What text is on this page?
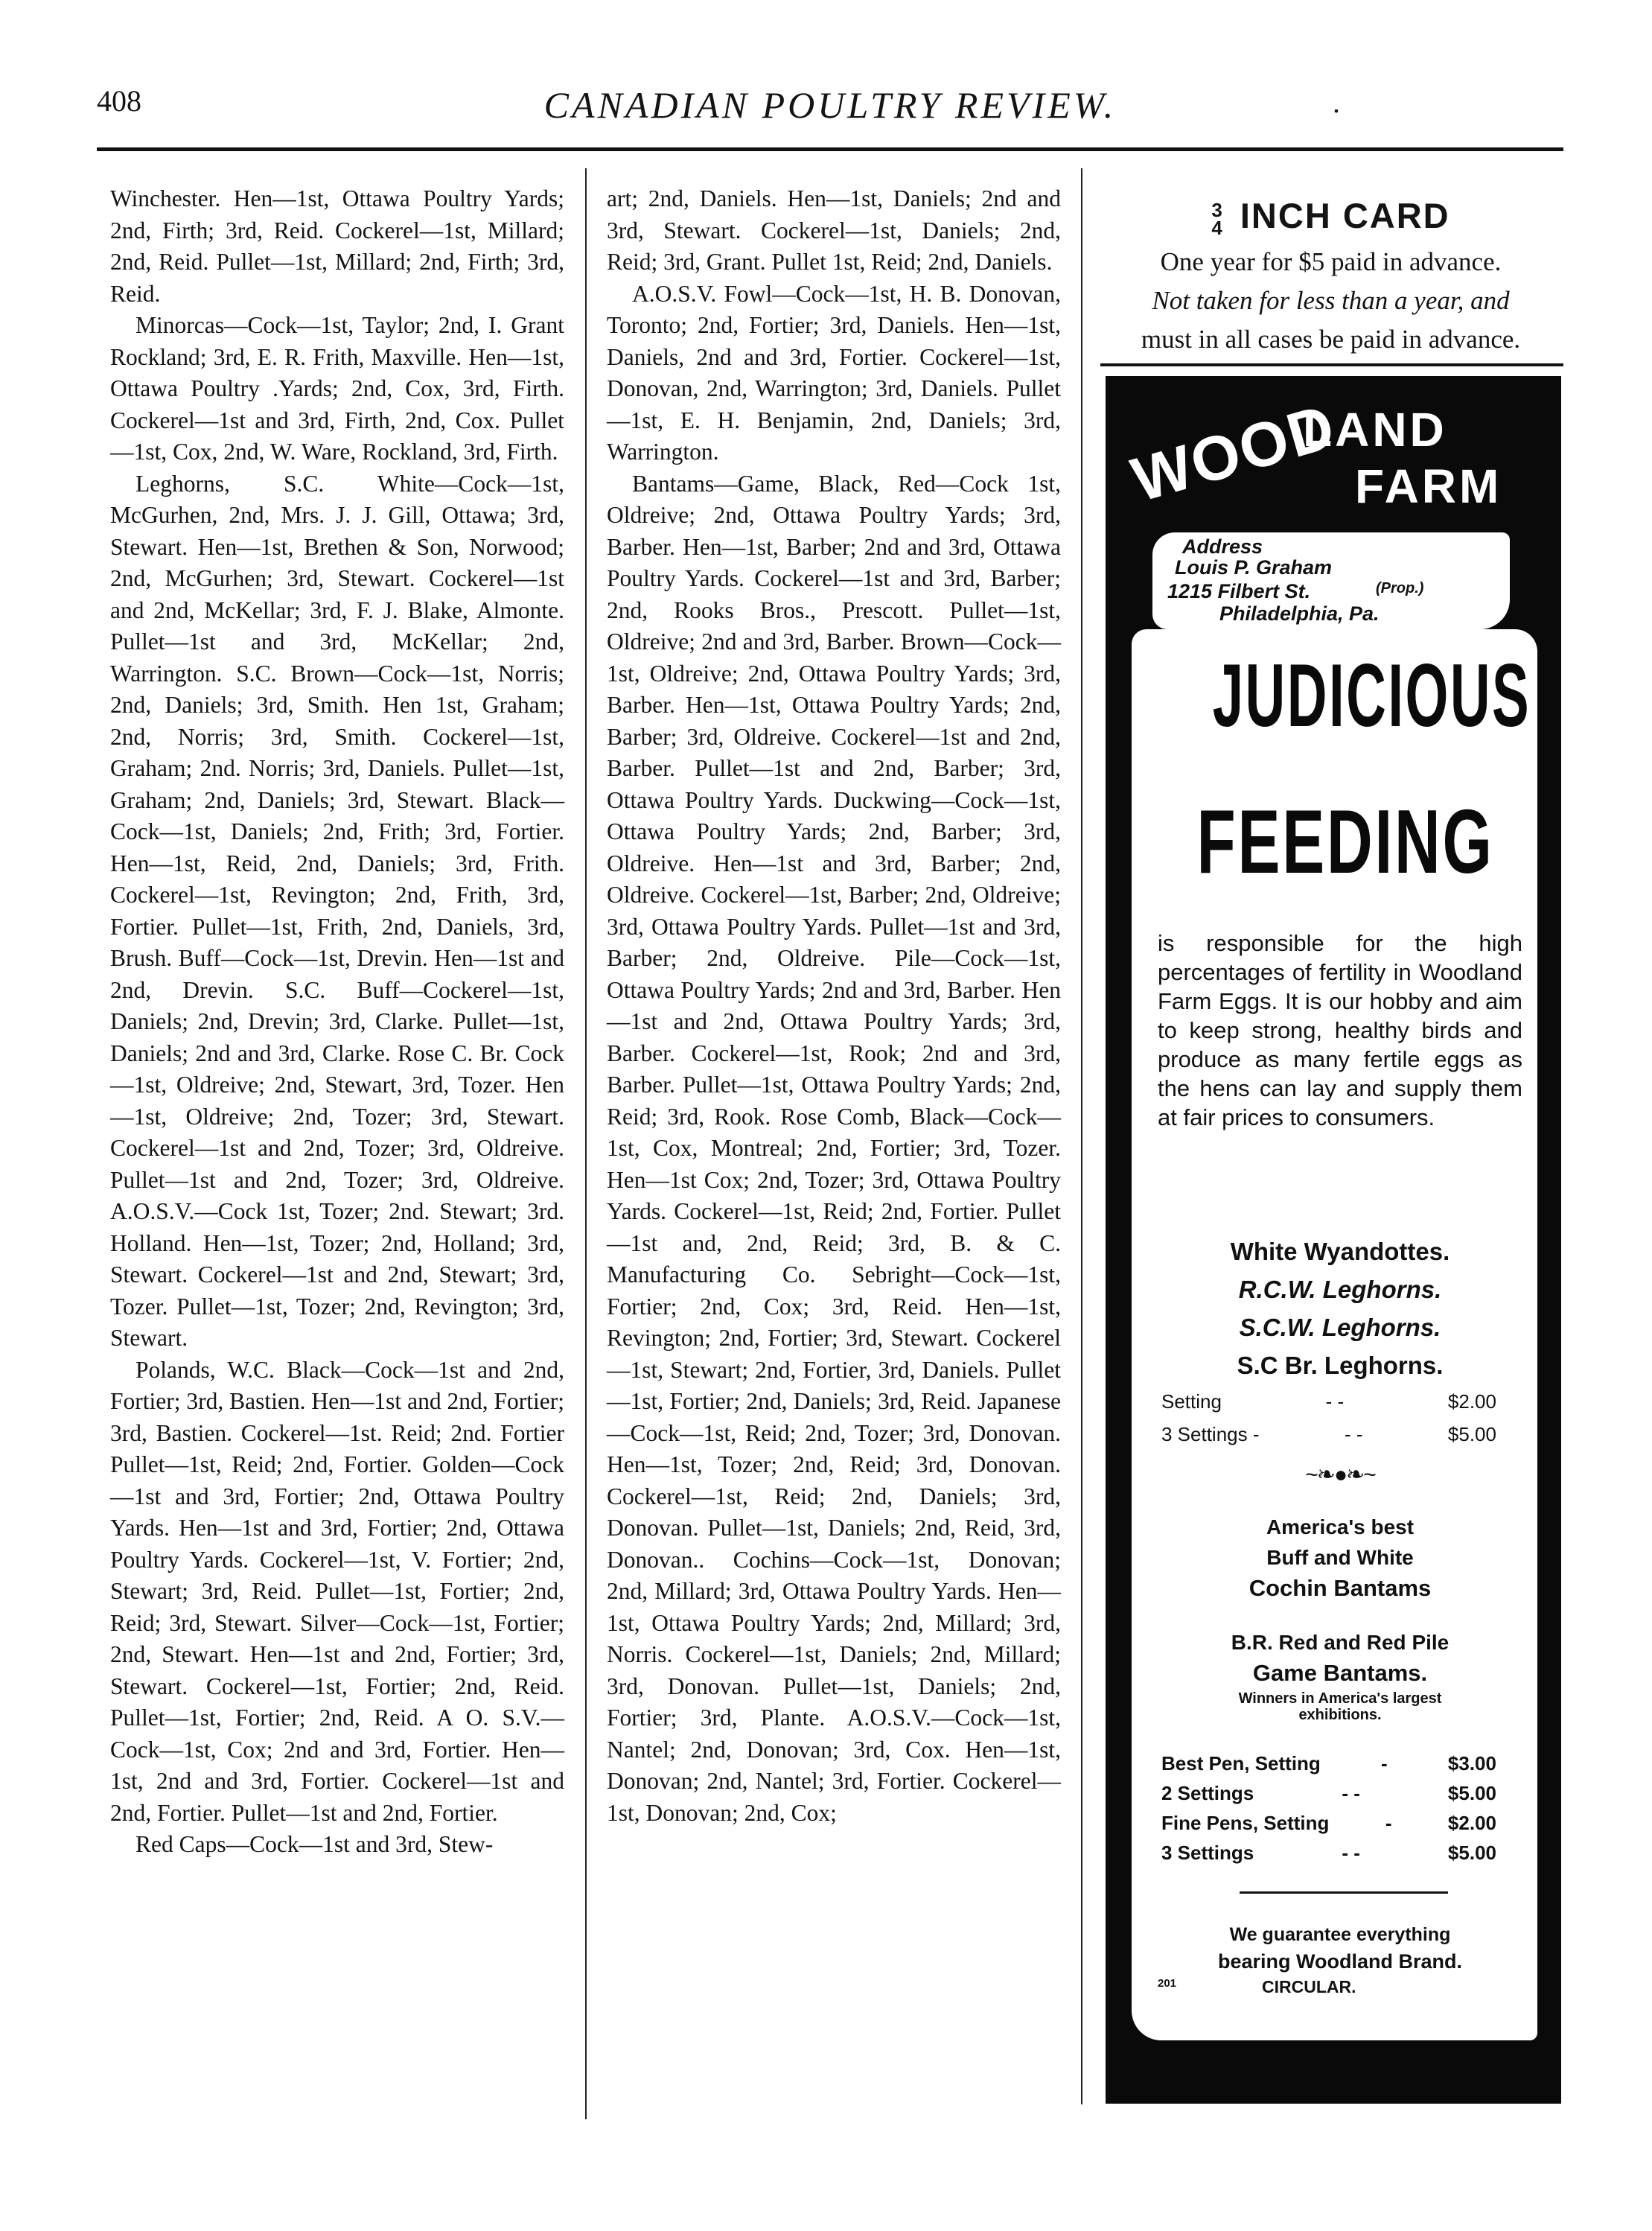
408	CANADIAN POULTRY REVIEW.	.

Winchester. Hen—1st, Ottawa Poultry Yards; 2nd, Firth; 3rd, Reid. Cockerel—1st, Millard; 2nd, Reid. Pullet—1st, Millard; 2nd, Firth; 3rd, Reid.

Minorcas—Cock—1st, Taylor; 2nd, I. Grant Rockland; 3rd, E. R. Frith, Maxville. Hen—1st, Ottawa Poultry .Yards; 2nd, Cox, 3rd, Firth. Cockerel—1st and 3rd, Firth, 2nd, Cox. Pullet—1st, Cox, 2nd, W. Ware, Rockland, 3rd, Firth.

Leghorns, S.C. White—Cock—1st, McGurhen, 2nd, Mrs. J. J. Gill, Ottawa; 3rd, Stewart. Hen—1st, Brethen & Son, Norwood; 2nd, McGurhen; 3rd, Stewart. Cockerel—1st and 2nd, McKellar; 3rd, F. J. Blake, Almonte. Pullet—1st and 3rd, McKellar; 2nd, Warrington. S.C. Brown—Cock—1st, Norris; 2nd, Daniels; 3rd, Smith. Hen 1st, Graham; 2nd, Norris; 3rd, Smith. Cockerel—1st, Graham; 2nd. Norris; 3rd, Daniels. Pullet—1st, Graham; 2nd, Daniels; 3rd, Stewart. Black—Cock—1st, Daniels; 2nd, Frith; 3rd, Fortier. Hen—1st, Reid, 2nd, Daniels; 3rd, Frith. Cockerel—1st, Revington; 2nd, Frith, 3rd, Fortier. Pullet—1st, Frith, 2nd, Daniels, 3rd, Brush. Buff—Cock—1st, Drevin. Hen—1st and 2nd, Drevin. S.C. Buff—Cockerel—1st, Daniels; 2nd, Drevin; 3rd, Clarke. Pullet—1st, Daniels; 2nd and 3rd, Clarke. Rose C. Br. Cock—1st, Oldreive; 2nd, Stewart, 3rd, Tozer. Hen—1st, Oldreive; 2nd, Tozer; 3rd, Stewart. Cockerel—1st and 2nd, Tozer; 3rd, Oldreive. Pullet—1st and 2nd, Tozer; 3rd, Oldreive. A.O.S.V.—Cock 1st, Tozer; 2nd. Stewart; 3rd. Holland. Hen—1st, Tozer; 2nd, Holland; 3rd, Stewart. Cockerel—1st and 2nd, Stewart; 3rd, Tozer. Pullet—1st, Tozer; 2nd, Revington; 3rd, Stewart.

Polands, W.C. Black—Cock—1st and 2nd, Fortier; 3rd, Bastien. Hen—1st and 2nd, Fortier; 3rd, Bastien. Cockerel—1st. Reid; 2nd. Fortier Pullet—1st, Reid; 2nd, Fortier. Golden—Cock—1st and 3rd, Fortier; 2nd, Ottawa Poultry Yards. Hen—1st and 3rd, Fortier; 2nd, Ottawa Poultry Yards. Cockerel—1st, V. Fortier; 2nd, Stewart; 3rd, Reid. Pullet—1st, Fortier; 2nd, Reid; 3rd, Stewart. Silver—Cock—1st, Fortier; 2nd, Stewart. Hen—1st and 2nd, Fortier; 3rd, Stewart. Cockerel—1st, Fortier; 2nd, Reid. Pullet—1st, Fortier; 2nd, Reid. A O. S.V.—Cock—1st, Cox; 2nd and 3rd, Fortier. Hen—1st, 2nd and 3rd, Fortier. Cockerel—1st and 2nd, Fortier. Pullet—1st and 2nd, Fortier.

Red Caps—Cock—1st and 3rd, Stew-

art; 2nd, Daniels. Hen—1st, Daniels; 2nd and 3rd, Stewart. Cockerel—1st, Daniels; 2nd, Reid; 3rd, Grant. Pullet 1st, Reid; 2nd, Daniels.

A.O.S.V. Fowl—Cock—1st, H. B. Donovan, Toronto; 2nd, Fortier; 3rd, Daniels. Hen—1st, Daniels, 2nd and 3rd, Fortier. Cockerel—1st, Donovan, 2nd, Warrington; 3rd, Daniels. Pullet—1st, E. H. Benjamin, 2nd, Daniels; 3rd, Warrington.

Bantams—Game, Black, Red—Cock 1st, Oldreive; 2nd, Ottawa Poultry Yards; 3rd, Barber. Hen—1st, Barber; 2nd and 3rd, Ottawa Poultry Yards. Cockerel—1st and 3rd, Barber; 2nd, Rooks Bros., Prescott. Pullet—1st, Oldreive; 2nd and 3rd, Barber. Brown—Cock—1st, Oldreive; 2nd, Ottawa Poultry Yards; 3rd, Barber. Hen—1st, Ottawa Poultry Yards; 2nd, Barber; 3rd, Oldreive. Cockerel—1st and 2nd, Barber. Pullet—1st and 2nd, Barber; 3rd, Ottawa Poultry Yards. Duckwing—Cock—1st, Ottawa Poultry Yards; 2nd, Barber; 3rd, Oldreive. Hen—1st and 3rd, Barber; 2nd, Oldreive. Cockerel—1st, Barber; 2nd, Oldreive; 3rd, Ottawa Poultry Yards. Pullet—1st and 3rd, Barber; 2nd, Oldreive. Pile—Cock—1st, Ottawa Poultry Yards; 2nd and 3rd, Barber. Hen—1st and 2nd, Ottawa Poultry Yards; 3rd, Barber. Cockerel—1st, Rook; 2nd and 3rd, Barber. Pullet—1st, Ottawa Poultry Yards; 2nd, Reid; 3rd, Rook. Rose Comb, Black—Cock—1st, Cox, Montreal; 2nd, Fortier; 3rd, Tozer. Hen—1st Cox; 2nd, Tozer; 3rd, Ottawa Poultry Yards. Cockerel—1st, Reid; 2nd, Fortier. Pullet—1st and, 2nd, Reid; 3rd, B. & C. Manufacturing Co. Sebright—Cock—1st, Fortier; 2nd, Cox; 3rd, Reid. Hen—1st, Revington; 2nd, Fortier; 3rd, Stewart. Cockerel—1st, Stewart; 2nd, Fortier, 3rd, Daniels. Pullet—1st, Fortier; 2nd, Daniels; 3rd, Reid. Japanese—Cock—1st, Reid; 2nd, Tozer; 3rd, Donovan. Hen—1st, Tozer; 2nd, Reid; 3rd, Donovan. Cockerel—1st, Reid; 2nd, Daniels; 3rd, Donovan. Pullet—1st, Daniels; 2nd, Reid, 3rd, Donovan.. Cochins—Cock—1st, Donovan; 2nd, Millard; 3rd, Ottawa Poultry Yards. Hen—1st, Ottawa Poultry Yards; 2nd, Millard; 3rd, Norris. Cockerel—1st, Daniels; 2nd, Millard; 3rd, Donovan. Pullet—1st, Daniels; 2nd, Fortier; 3rd, Plante. A.O.S.V.—Cock—1st, Nantel; 2nd, Donovan; 3rd, Cox. Hen—1st, Donovan; 2nd, Nantel; 3rd, Fortier. Cockerel—1st, Donovan; 2nd, Cox;

3
4 INCH CARD
One year for $5 paid in advance.
Not taken for less than a year, and
must in all cases be paid in advance.
WOOD
LAND
FARM
Address
Louis P. Graham
(Prop.)
1215 Filbert St.
Philadelphia, Pa.
JUDICIOUS
FEEDING
is responsible for the high percentages of fertility in Woodland Farm Eggs. It is our hobby and aim to keep strong, healthy birds and produce as many fertile eggs as the hens can lay and supply them at fair prices to consumers.
White Wyandottes.
R.C.W. Leghorns.
S.C.W. Leghorns.
S.C Br. Leghorns.
Setting	- -	$2.00
3 Settings -	- -	$5.00
~❧●❧~
America's best
Buff and White
Cochin Bantams
B.R. Red and Red Pile
Game Bantams.
Winners in America's largest
exhibitions.
Best Pen, Setting	-	$3.00
2 Settings	- -	$5.00
Fine Pens, Setting	-	$2.00
3 Settings	- -	$5.00
We guarantee everything
bearing Woodland Brand.
201	CIRCULAR.
